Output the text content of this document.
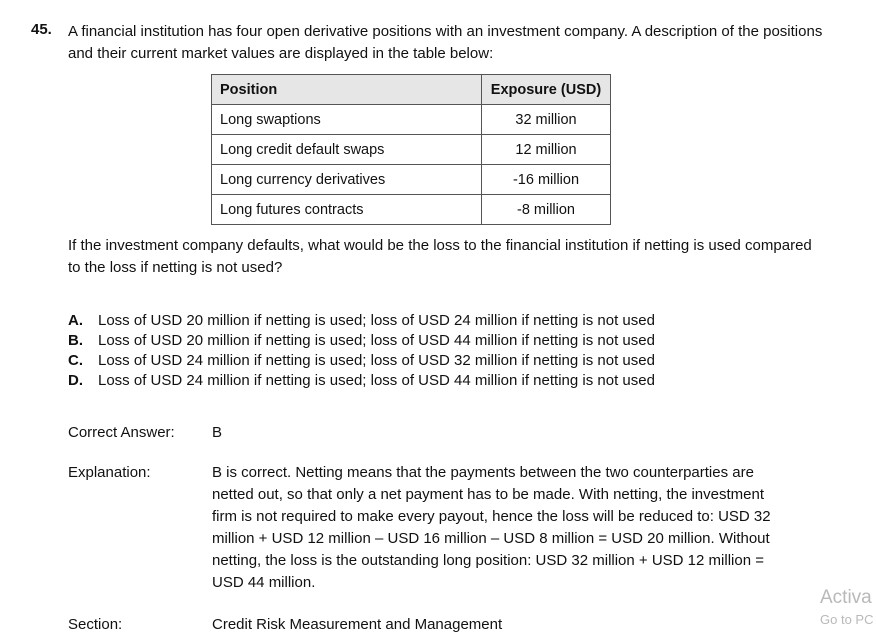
45. A financial institution has four open derivative positions with an investment company. A description of the positions and their current market values are displayed in the table below:
Position	Exposure (USD)
Long swaptions	32 million
Long credit default swaps	12 million
Long currency derivatives	-16 million
Long futures contracts	-8 million
If the investment company defaults, what would be the loss to the financial institution if netting is used compared to the loss if netting is not used?
A.	Loss of USD 20 million if netting is used; loss of USD 24 million if netting is not used
B.	Loss of USD 20 million if netting is used; loss of USD 44 million if netting is not used
C.	Loss of USD 24 million if netting is used; loss of USD 32 million if netting is not used
D.	Loss of USD 24 million if netting is used; loss of USD 44 million if netting is not used
Correct Answer: B
Explanation:	B is correct. Netting means that the payments between the two counterparties are netted out, so that only a net payment has to be made. With netting, the investment firm is not required to make every payout, hence the loss will be reduced to: USD 32 million + USD 12 million – USD 16 million – USD 8 million = USD 20 million. Without netting, the loss is the outstanding long position: USD 32 million + USD 12 million = USD 44 million.
Section:	Credit Risk Measurement and Management
Activa
Go to PC
